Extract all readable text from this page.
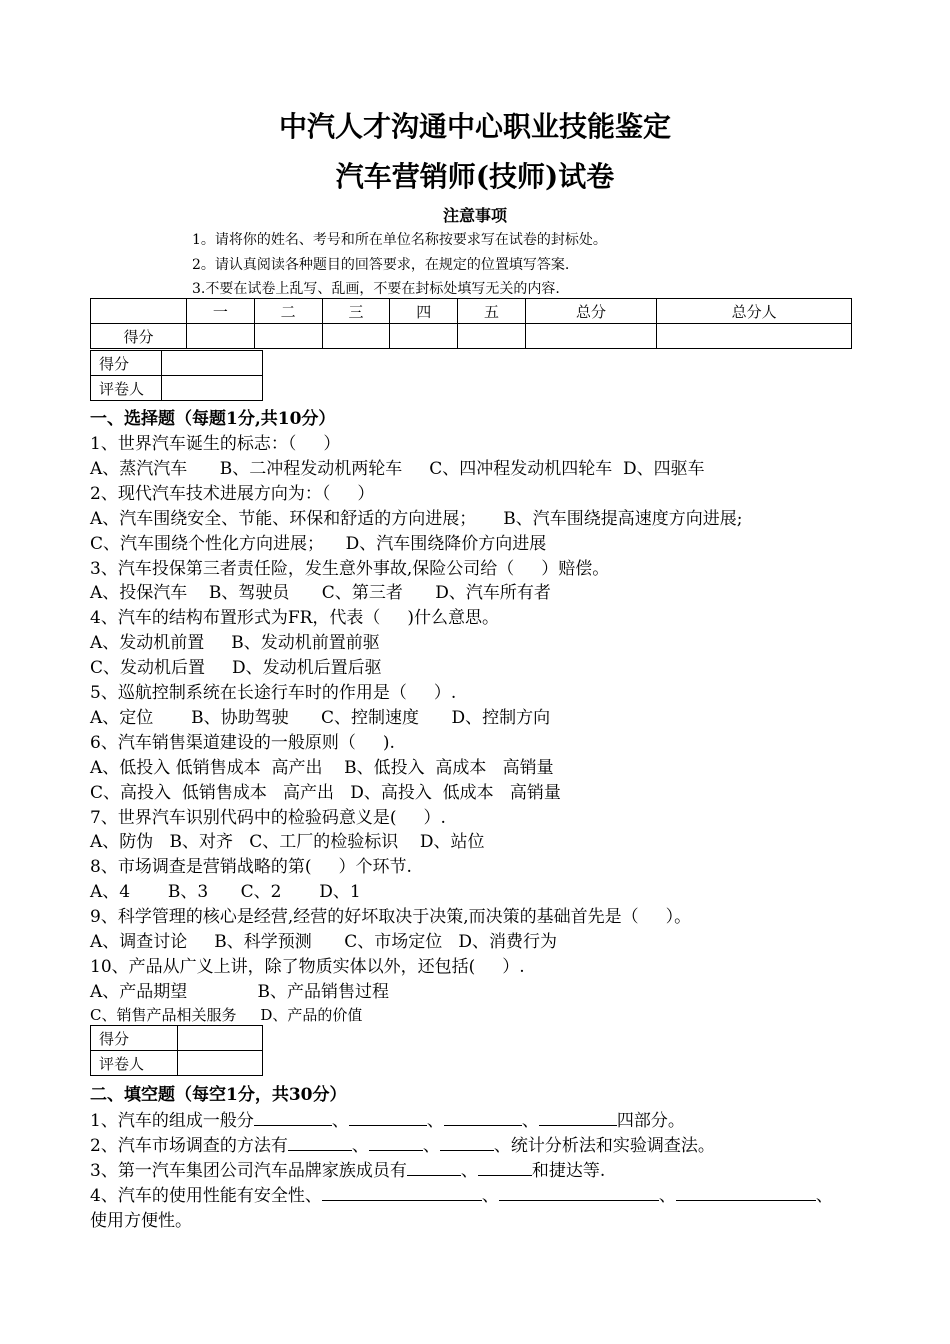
中汽人才沟通中心职业技能鉴定
汽车营销师(技师)试卷
注意事项
1。请将你的姓名、考号和所在单位名称按要求写在试卷的封标处。
2。请认真阅读各种题目的回答要求，在规定的位置填写答案.
3.不要在试卷上乱写、乱画，不要在封标处填写无关的内容.
	一	二	三	四	五	总分	总分人
得分							
得分	
评卷人	
一、选择题（每题1分,共10分）
1、世界汽车诞生的标志：（     ）
A、蒸汽汽车      B、二冲程发动机两轮车     C、四冲程发动机四轮车  D、四驱车
2、现代汽车技术进展方向为：（     ）
A、汽车围绕安全、节能、环保和舒适的方向进展；     B、汽车围绕提高速度方向进展;
C、汽车围绕个性化方向进展；    D、汽车围绕降价方向进展
3、汽车投保第三者责任险，发生意外事故,保险公司给（     ）赔偿。
A、投保汽车    B、驾驶员      C、第三者      D、汽车所有者
4、汽车的结构布置形式为FR，代表（     )什么意思。
A、发动机前置     B、发动机前置前驱
C、发动机后置     D、发动机后置后驱
5、巡航控制系统在长途行车时的作用是（     ）.
A、定位       B、协助驾驶      C、控制速度      D、控制方向
6、汽车销售渠道建设的一般原则（     ).
A、低投入 低销售成本  高产出    B、低投入  高成本   高销量
C、高投入  低销售成本   高产出   D、高投入  低成本   高销量
7、世界汽车识别代码中的检验码意义是(     ）.
A、防伪   B、对齐   C、工厂的检验标识    D、站位
8、市场调查是营销战略的第(     ）个环节.
A、4       B、3      C、2       D、1
9、科学管理的核心是经营,经营的好坏取决于决策,而决策的基础首先是（     ）。
A、调查讨论     B、科学预测      C、市场定位   D、消费行为
10、产品从广义上讲，除了物质实体以外，还包括(     ）.
A、产品期望             B、产品销售过程
C、销售产品相关服务     D、产品的价值
得分	
评卷人	
二、填空题（每空1分，共30分）
1、汽车的组成一般分	、	、	、	四部分。
2、汽车市场调查的方法有	、	、	、统计分析法和实验调查法。
3、第一汽车集团公司汽车品牌家族成员有	、	和捷达等.
4、汽车的使用性能有安全性、	、	、	、
使用方便性。
